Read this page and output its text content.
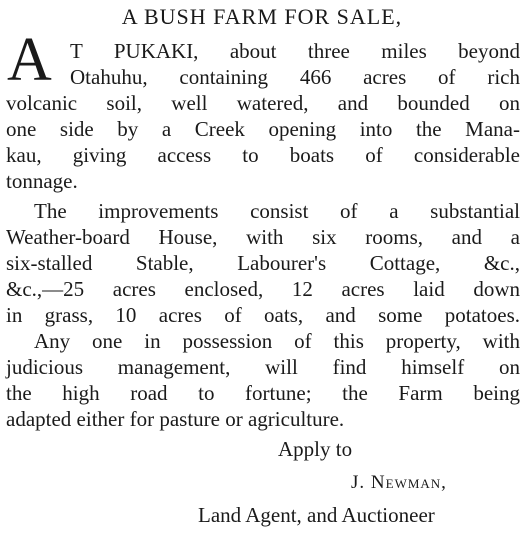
A BUSH FARM FOR SALE,
A T PUKAKI, about three miles beyond
Otahuhu, containing 466 acres of rich
volcanic soil, well watered, and bounded on
one side by a Creek opening into the Mana-
kau, giving access to boats of considerable
tonnage.
The improvements consist of a substantial
Weather-board House, with six rooms, and a
six-stalled Stable, Labourer's Cottage, &c.,
&c.,—25 acres enclosed, 12 acres laid down
in grass, 10 acres of oats, and some potatoes.
Any one in possession of this property, with
judicious management, will find himself on
the high road to fortune; the Farm being
adapted either for pasture or agriculture.
Apply to
J. Newman,
Land Agent, and Auctioneer
